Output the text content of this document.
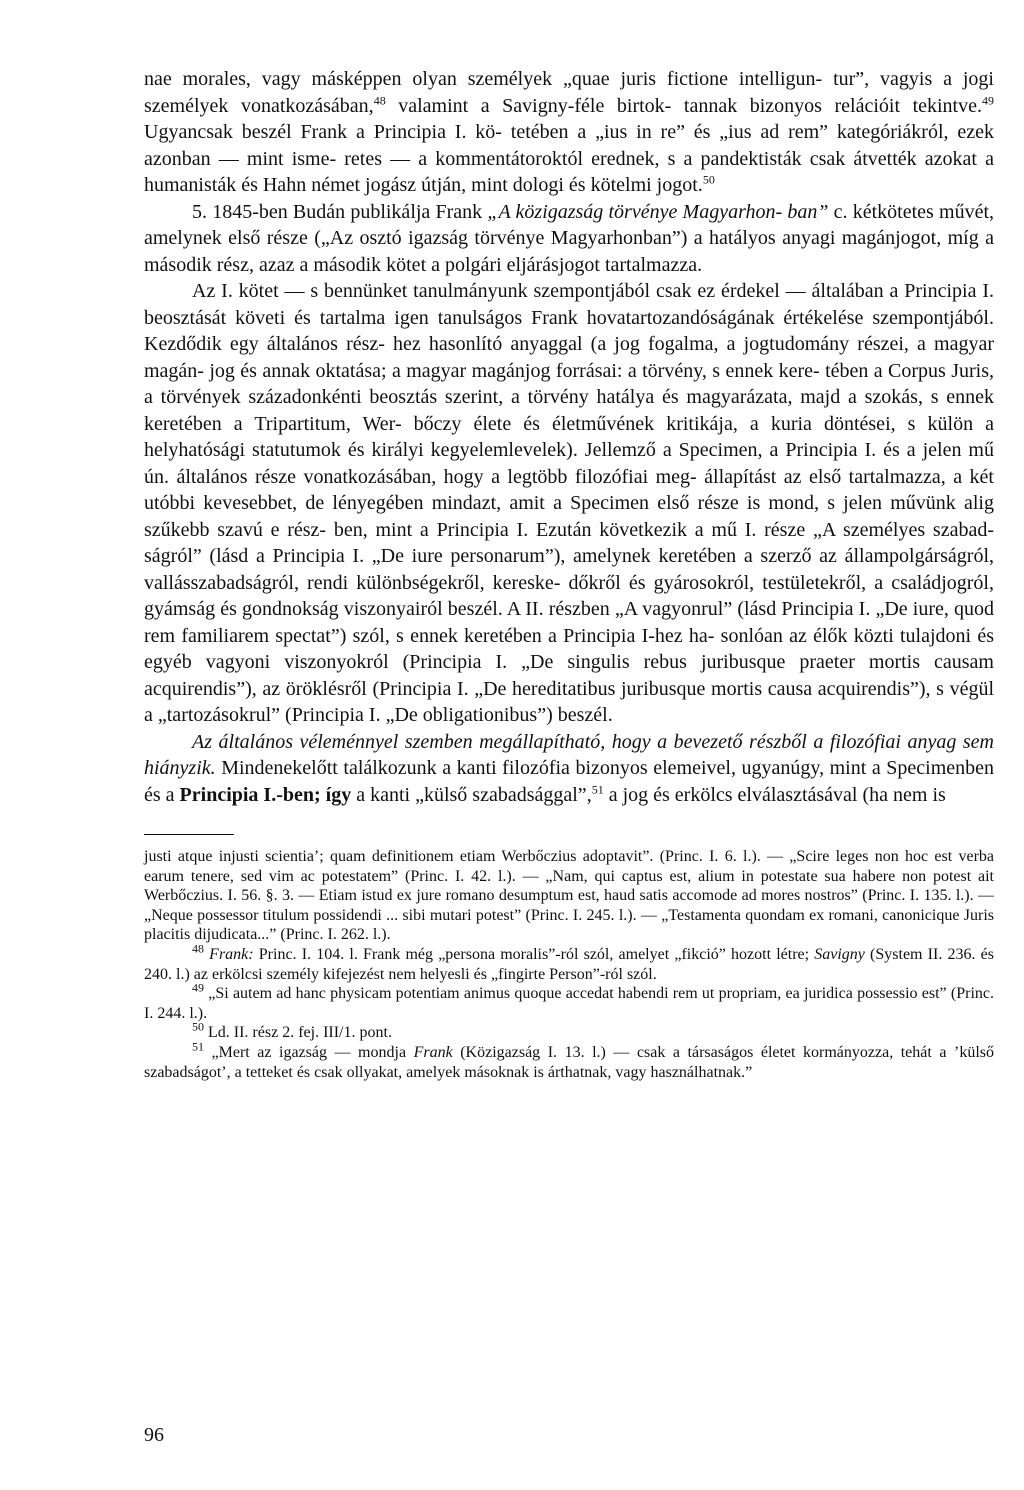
nae morales, vagy másképpen olyan személyek „quae juris fictione intelligun- tur”, vagyis a jogi személyek vonatkozásában,$^{48}$ valamint a Savigny-féle birtok- tannak bizonyos relációit tekintve.$^{49}$ Ugyancsak beszél Frank a Principia I. kö- tetében a „ius in re” és „ius ad rem” kategóriákról, ezek azonban — mint isme- retes — a kommentátoroktól erednek, s a pandektisták csak átvették azokat a humanisták és Hahn német jogász útján, mint dologi és kötelmi jogot.$^{50}$

5. 1845-ben Budán publikálja Frank „A közigazság törvénye Magyarhon- ban” c. kétkötetes művét, amelynek első része („Az osztó igazság törvénye Magyarhonban”) a hatályos anyagi magánjogot, míg a második rész, azaz a második kötet a polgári eljárásjogot tartalmazza.

Az I. kötet — s bennünket tanulmányunk szempontjából csak ez érdekel — általában a Principia I. beosztását követi és tartalma igen tanulságos Frank hovatartozandóságának értékelése szempontjából. Kezdődik egy általános rész- hez hasonlító anyaggal (a jog fogalma, a jogtudomány részei, a magyar magán- jog és annak oktatása; a magyar magánjog forrásai: a törvény, s ennek kere- tében a Corpus Juris, a törvények századonkénti beosztás szerint, a törvény hatálya és magyarázata, majd a szokás, s ennek keretében a Tripartitum, Wer- bőczy élete és életművének kritikája, a kuria döntései, s külön a helyhatósági statutumok és királyi kegyelemlevelek). Jellemző a Specimen, a Principia I. és a jelen mű ún. általános része vonatkozásában, hogy a legtöbb filozófiai meg- állapítást az első tartalmazza, a két utóbbi kevesebbet, de lényegében mindazt, amit a Specimen első része is mond, s jelen művünk alig szűkebb szavú e rész- ben, mint a Principia I. Ezután következik a mű I. része „A személyes szabad- ságról” (lásd a Principia I. „De iure personarum”), amelynek keretében a szerző az állampolgárságról, vallásszabadságról, rendi különbségekről, kereske- dőkről és gyárosokról, testületekről, a családjogról, gyámság és gondnokság viszonyairól beszél. A II. részben „A vagyonrul” (lásd Principia I. „De iure, quod rem familiarem spectat”) szól, s ennek keretében a Principia I-hez ha- sonlóan az élők közti tulajdoni és egyéb vagyoni viszonyokról (Principia I. „De singulis rebus juribusque praeter mortis causam acquirendis”), az öröklésről (Principia I. „De hereditatibus juribusque mortis causa acquirendis”), s végül a „tartozásokrul” (Principia I. „De obligationibus”) beszél.

Az általános véleménnyel szemben megállapítható, hogy a bevezető részből a filozófiai anyag sem hiányzik. Mindenekelőtt találkozunk a kanti filozófia bizonyos elemeivel, ugyanúgy, mint a Specimenben és a Principia I.-ben; így a kanti „külső szabadsággal”,$^{51}$ a jog és erkölcs elválasztásával (ha nem is

justi atque injusti scientia’; quam definitionem etiam Werbőczius adoptavit”. (Princ. I. 6. l.). — „Scire leges non hoc est verba earum tenere, sed vim ac potestatem” (Princ. I. 42. l.). — „Nam, qui captus est, alium in potestate sua habere non potest ait Werbőczius. I. 56. §. 3. — Etiam istud ex jure romano desumptum est, haud satis accomode ad mores nostros” (Princ. I. 135. l.). — „Neque possessor titulum possidendi ... sibi mutari potest” (Princ. I. 245. l.). — „Testamenta quondam ex romani, canonicique Juris placitis dijudicata...” (Princ. I. 262. l.).

$^{48}$ Frank: Princ. I. 104. l. Frank még „persona moralis”-ról szól, amelyet „fikció” hozott létre; Savigny (System II. 236. és 240. l.) az erkölcsi személy kifejezést nem helyesli és „fingirte Person”-ról szól.

$^{49}$ „Si autem ad hanc physicam potentiam animus quoque accedat habendi rem ut propriam, ea juridica possessio est” (Princ. I. 244. l.).

$^{50}$ Ld. II. rész 2. fej. III/1. pont.

$^{51}$ „Mert az igazság — mondja Frank (Közigazság I. 13. l.) — csak a társaságos életet kormányozza, tehát a ’külső szabadságot’, a tetteket és csak ollyakat, amelyek másoknak is árthatnak, vagy használhatnak.”

96
